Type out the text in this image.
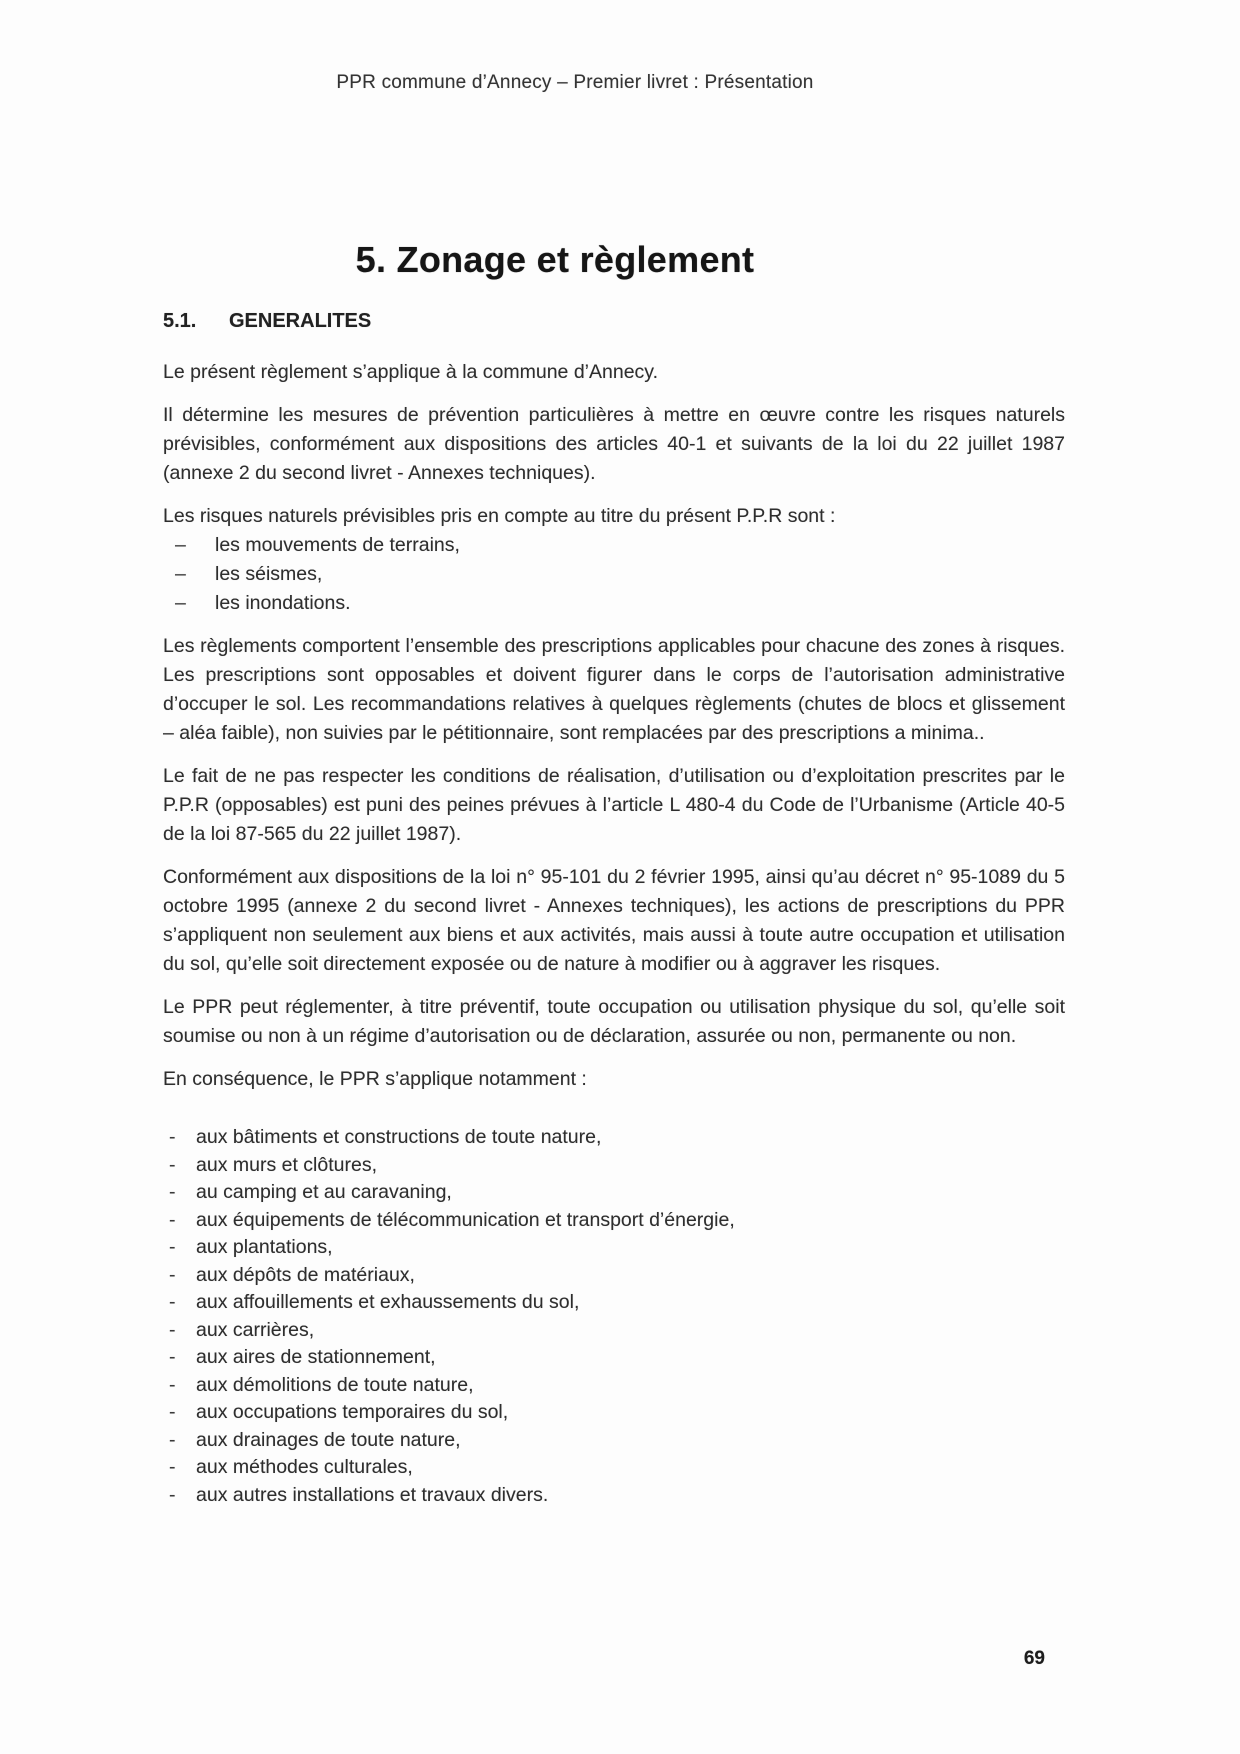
PPR commune d’Annecy – Premier livret : Présentation
5. Zonage et règlement
5.1. GENERALITES

Le présent règlement s’applique à la commune d’Annecy.

Il détermine les mesures de prévention particulières à mettre en œuvre contre les risques naturels prévisibles, conformément aux dispositions des articles 40-1 et suivants de la loi du 22 juillet 1987 (annexe 2 du second livret - Annexes techniques).

Les risques naturels prévisibles pris en compte au titre du présent P.P.R sont :

–	les mouvements de terrains,
–	les séismes,
–	les inondations.

Les règlements comportent l’ensemble des prescriptions applicables pour chacune des zones à risques. Les prescriptions sont opposables et doivent figurer dans le corps de l’autorisation administrative d’occuper le sol. Les recommandations relatives à quelques règlements (chutes de blocs et glissement – aléa faible), non suivies par le pétitionnaire, sont remplacées par des prescriptions a minima..

Le fait de ne pas respecter les conditions de réalisation, d’utilisation ou d’exploitation prescrites par le P.P.R (opposables) est puni des peines prévues à l’article L 480-4 du Code de l’Urbanisme (Article 40-5 de la loi 87-565 du 22 juillet 1987).

Conformément aux dispositions de la loi n° 95-101 du 2 février 1995, ainsi qu’au décret n° 95-1089 du 5 octobre 1995 (annexe 2 du second livret - Annexes techniques), les actions de prescriptions du PPR s’appliquent non seulement aux biens et aux activités, mais aussi à toute autre occupation et utilisation du sol, qu’elle soit directement exposée ou de nature à modifier ou à aggraver les risques.

Le PPR peut réglementer, à titre préventif, toute occupation ou utilisation physique du sol, qu’elle soit soumise ou non à un régime d’autorisation ou de déclaration, assurée ou non, permanente ou non.

En conséquence, le PPR s’applique notamment :

-	aux bâtiments et constructions de toute nature,
-	aux murs et clôtures,
-	au camping et au caravaning,
-	aux équipements de télécommunication et transport d’énergie,
-	aux plantations,
-	aux dépôts de matériaux,
-	aux affouillements et exhaussements du sol,
-	aux carrières,
-	aux aires de stationnement,
-	aux démolitions de toute nature,
-	aux occupations temporaires du sol,
-	aux drainages de toute nature,
-	aux méthodes culturales,
-	aux autres installations et travaux divers.
69
